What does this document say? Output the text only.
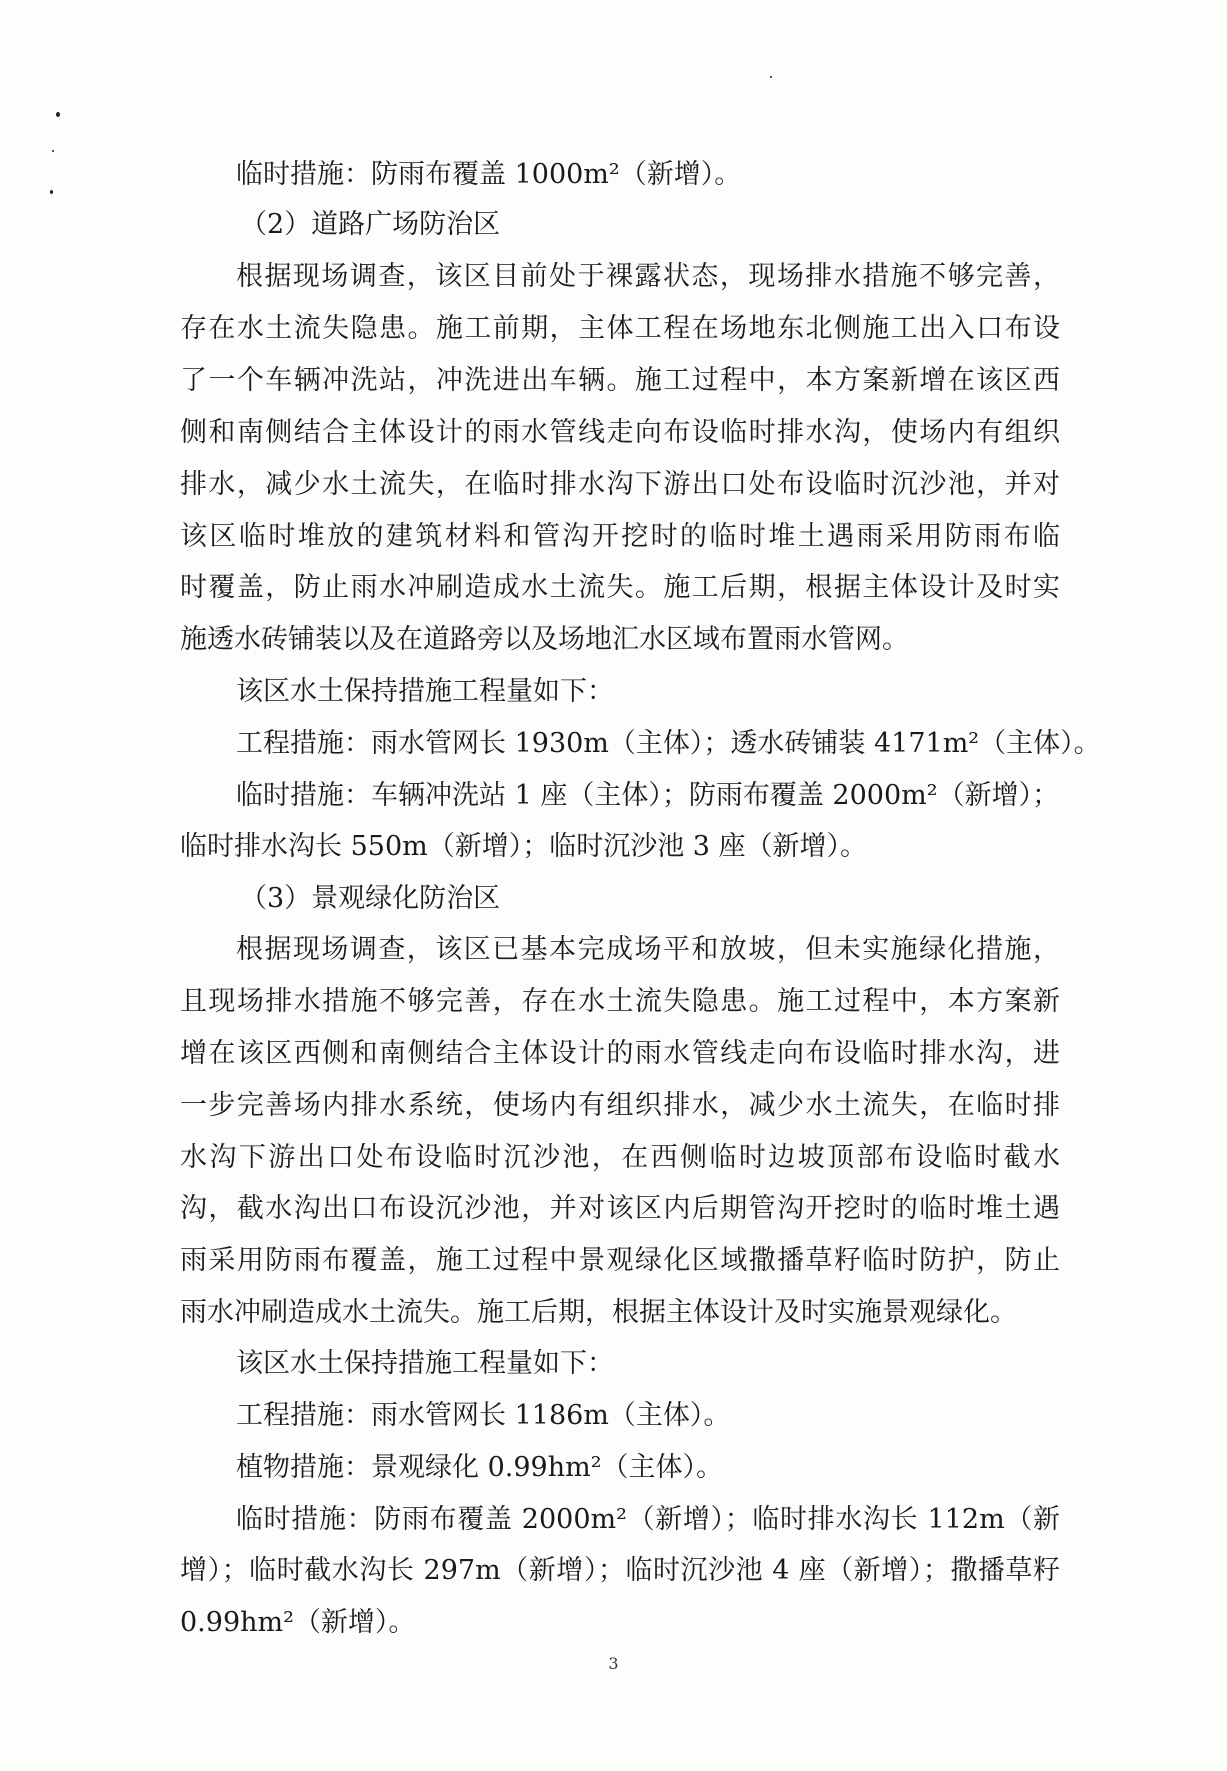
临时措施：防雨布覆盖 1000m²（新增）。
（2）道路广场防治区
根据现场调查，该区目前处于裸露状态，现场排水措施不够完善，
存在水土流失隐患。施工前期，主体工程在场地东北侧施工出入口布设
了一个车辆冲洗站，冲洗进出车辆。施工过程中，本方案新增在该区西
侧和南侧结合主体设计的雨水管线走向布设临时排水沟，使场内有组织
排水，减少水土流失，在临时排水沟下游出口处布设临时沉沙池，并对
该区临时堆放的建筑材料和管沟开挖时的临时堆土遇雨采用防雨布临
时覆盖，防止雨水冲刷造成水土流失。施工后期，根据主体设计及时实
施透水砖铺装以及在道路旁以及场地汇水区域布置雨水管网。
该区水土保持措施工程量如下：
工程措施：雨水管网长 1930m（主体）；透水砖铺装 4171m²（主体）。
临时措施：车辆冲洗站 1 座（主体）；防雨布覆盖 2000m²（新增）；
临时排水沟长 550m（新增）；临时沉沙池 3 座（新增）。
（3）景观绿化防治区
根据现场调查，该区已基本完成场平和放坡，但未实施绿化措施，
且现场排水措施不够完善，存在水土流失隐患。施工过程中，本方案新
增在该区西侧和南侧结合主体设计的雨水管线走向布设临时排水沟，进
一步完善场内排水系统，使场内有组织排水，减少水土流失，在临时排
水沟下游出口处布设临时沉沙池，在西侧临时边坡顶部布设临时截水
沟，截水沟出口布设沉沙池，并对该区内后期管沟开挖时的临时堆土遇
雨采用防雨布覆盖，施工过程中景观绿化区域撒播草籽临时防护，防止
雨水冲刷造成水土流失。施工后期，根据主体设计及时实施景观绿化。
该区水土保持措施工程量如下：
工程措施：雨水管网长 1186m（主体）。
植物措施：景观绿化 0.99hm²（主体）。
临时措施：防雨布覆盖 2000m²（新增）；临时排水沟长 112m（新
增）；临时截水沟长 297m（新增）；临时沉沙池 4 座（新增）；撒播草籽
0.99hm²（新增）。
3
